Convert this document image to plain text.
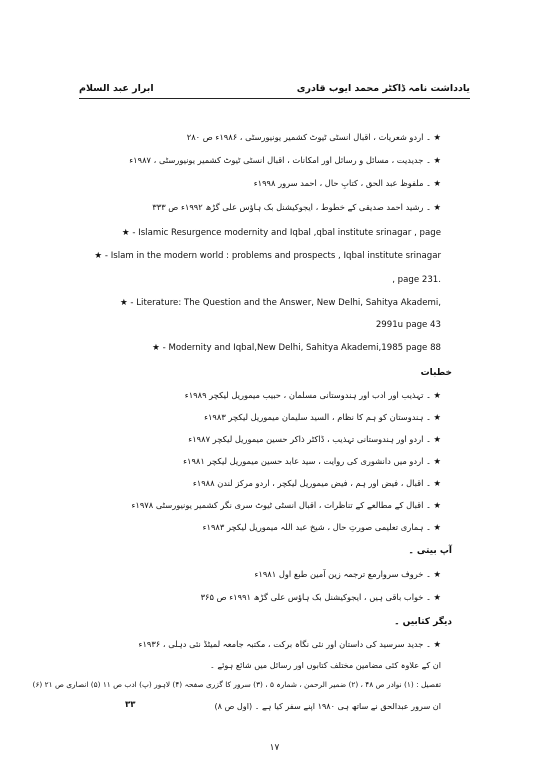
ابرار عبد السلام	یادداشت نامہ ڈاکٹر محمد ایوب قادری
★ ۔ اردو شعریات ، اقبال انسٹی ٹیوٹ کشمیر یونیورسٹی ، ۱۹۸۶ء ص ۲۸۰
★ ۔ جدیدیت ، مسائل و رسائل اور امکانات ، اقبال انسٹی ٹیوٹ کشمیر یونیورسٹی ، ۱۹۸۷ء
★ ۔ ملفوظ عبد الحق ، کتابِ حال ، احمد سرور ۱۹۹۸ء
★ ۔ رشید احمد صدیقی کے خطوط ، ایجوکیشنل بک ہاؤس علی گڑھ ۱۹۹۲ء ص ۳۳۳
★ - Islamic Resurgence modernity and Iqbal ,qbal institute srinagar , page
★ - Islam in the modern world : problems and prospects , Iqbal institute srinagar
, page 231.
★ - Literature: The Question and the Answer, New Delhi, Sahitya Akademi,
2991u page 43
★ - Modernity and Iqbal,New Delhi, Sahitya Akademi,1985 page 88
خطبات
★ ۔ تہذیب اور ادب اور ہندوستانی مسلمان ، حبیب میموریل لیکچر ۱۹۸۹ء
★ ۔ ہندوستان کو ہم کا نظام ، السید سلیمان میموریل لیکچر ۱۹۸۳ء
★ ۔ اردو اور ہندوستانی تہذیب ، ڈاکٹر ذاکر حسین میموریل لیکچر ۱۹۸۷ء
★ ۔ اردو میں دانشوری کی روایت ، سید عابد حسین میموریل لیکچر ۱۹۸۱ء
★ ۔ اقبال ، فیض اور ہم ، فیض میموریل لیکچر ، اردو مرکز لندن ۱۹۸۸ء
★ ۔ اقبال کے مطالعے کے تناظرات ، اقبال انسٹی ٹیوٹ سری نگر کشمیر یونیورسٹی ۱۹۷۸ء
★ ۔ ہماری تعلیمی صورتِ حال ، شیخ عبد اللہ میموریل لیکچر ۱۹۸۳ء
آپ بیتی ۔
★ ۔ خروف سروارمع ترجمہ زین آمین طبع اول ۱۹۸۱ء
★ ۔ خواب باقی ہیں ، ایجوکیشنل بک ہاؤس علی گڑھ ۱۹۹۱ء ص ۳۶۵
دیگر کتابیں ۔
★ ۔ جدید سرسید کی داستان اور نئی نگاہ برکت ، مکتبہ جامعہ لمیٹڈ نئی دہلی ، ۱۹۳۶ء
ان کے علاوہ کئی مضامین مختلف کتابوں اور رسائل میں شائع ہوئے ۔
تفصیل : (۱) نوادر ص ۴۸ ، (۲) ضمیر الرحمن ، شمارہ ۵ ، (۳) سرور کا گزری صفحہ (۴) لاہور (پ) ادب ص ۱۱ (۵) انصاری ص ۲۱ (۶)
ان سرور عبدالحق نے ساتھ ہی ۱۹۸۰ اپنے سفر کیا ہے ۔ (اول ص ۸)
۳۳
۱۷
